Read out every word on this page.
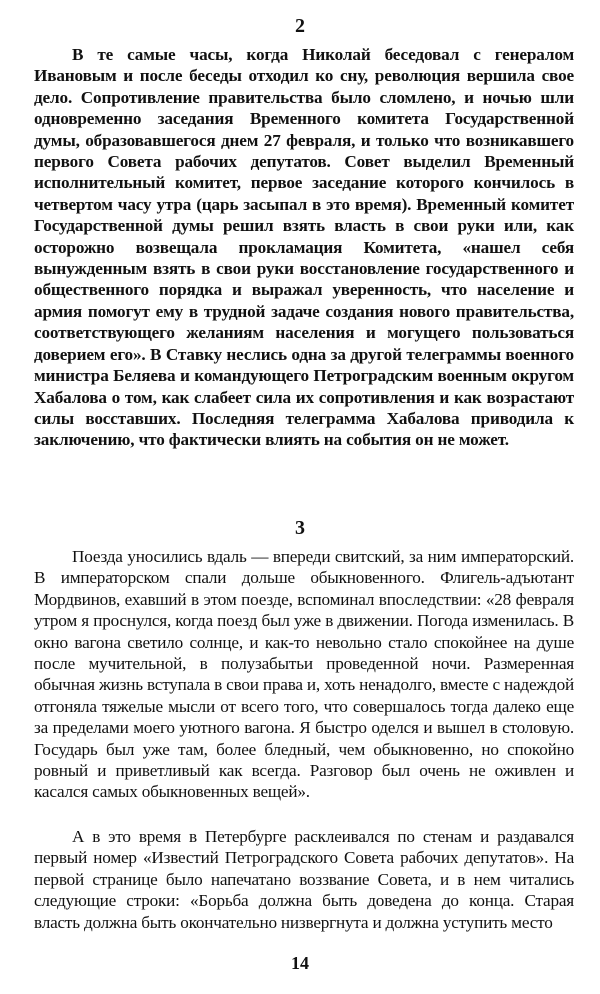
2

В те самые часы, когда Николай беседовал с генералом Ивановым и после беседы отходил ко сну, революция вершила свое дело. Сопротивление правительства было сломлено, и ночью шли одновременно заседания Временного комитета Государственной думы, образовавшегося днем 27 февраля, и только что возникавшего первого Совета рабочих депутатов. Совет выделил Временный исполнительный комитет, первое заседание которого кончилось в четвертом часу утра (царь засыпал в это время). Временный комитет Государственной думы решил взять власть в свои руки или, как осторожно возвещала прокламация Комитета, «нашел себя вынужденным взять в свои руки восстановление государственного и общественного порядка и выражал уверенность, что население и армия помогут ему в трудной задаче создания нового правительства, соответствующего желаниям населения и могущего пользоваться доверием его». В Ставку неслись одна за другой телеграммы военного министра Беляева и командующего Петроградским военным округом Хабалова о том, как слабеет сила их сопротивления и как возрастают силы восставших. Последняя телеграмма Хабалова приводила к заключению, что фактически влиять на события он не может.

3

Поезда уносились вдаль — впереди свитский, за ним императорский. В императорском спали дольше обыкновенного. Флигель-адъютант Мордвинов, ехавший в этом поезде, вспоминал впоследствии: «28 февраля утром я проснулся, когда поезд был уже в движении. Погода изменилась. В окно вагона светило солнце, и как-то невольно стало спокойнее на душе после мучительной, в полузабытьи проведенной ночи. Размеренная обычная жизнь вступала в свои права и, хоть ненадолго, вместе с надеждой отгоняла тяжелые мысли от всего того, что совершалось тогда далеко еще за пределами моего уютного вагона. Я быстро оделся и вышел в столовую. Государь был уже там, более бледный, чем обыкновенно, но спокойно ровный и приветливый как всегда. Разговор был очень не оживлен и касался самых обыкновенных вещей».

А в это время в Петербурге расклеивался по стенам и раздавался первый номер «Известий Петроградского Совета рабочих депутатов». На первой странице было напечатано воззвание Совета, и в нем читались следующие строки: «Борьба должна быть доведена до конца. Старая власть должна быть окончательно низвергнута и должна уступить место

14
